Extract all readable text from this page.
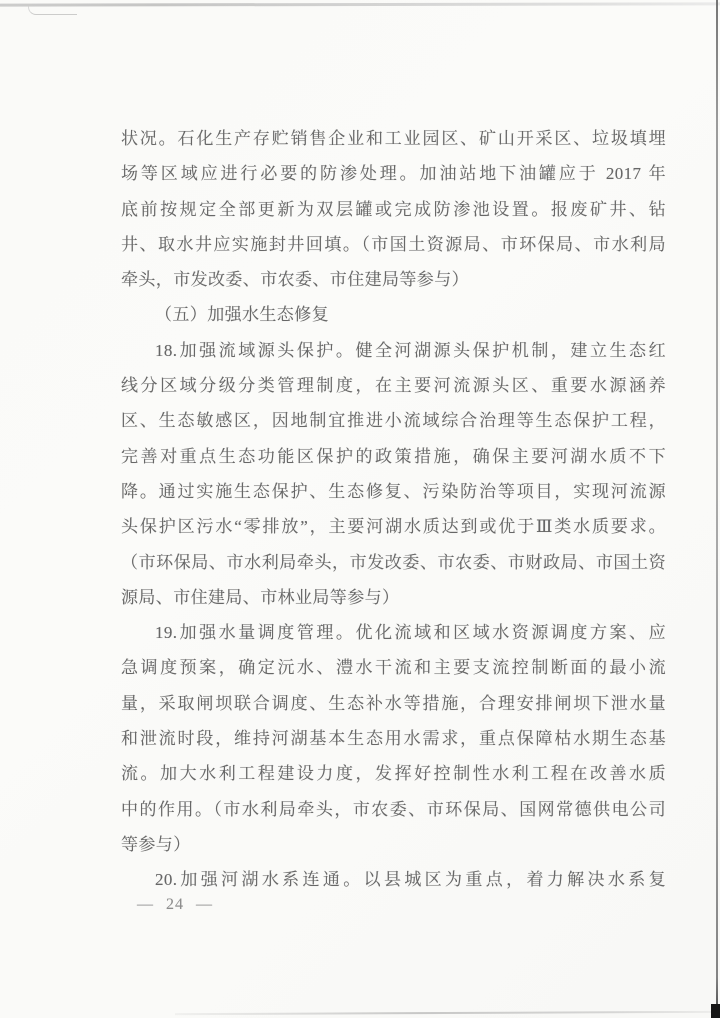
状况。石化生产存贮销售企业和工业园区、矿山开采区、垃圾填埋
场等区域应进行必要的防渗处理。加油站地下油罐应于 2017 年
底前按规定全部更新为双层罐或完成防渗池设置。报废矿井、钻
井、取水井应实施封井回填。（市国土资源局、市环保局、市水利局
牵头，市发改委、市农委、市住建局等参与）
（五）加强水生态修复
18.加强流域源头保护。健全河湖源头保护机制，建立生态红
线分区域分级分类管理制度，在主要河流源头区、重要水源涵养
区、生态敏感区，因地制宜推进小流域综合治理等生态保护工程，
完善对重点生态功能区保护的政策措施，确保主要河湖水质不下
降。通过实施生态保护、生态修复、污染防治等项目，实现河流源
头保护区污水“零排放”，主要河湖水质达到或优于Ⅲ类水质要求。
（市环保局、市水利局牵头，市发改委、市农委、市财政局、市国土资
源局、市住建局、市林业局等参与）
19.加强水量调度管理。优化流域和区域水资源调度方案、应
急调度预案，确定沅水、澧水干流和主要支流控制断面的最小流
量，采取闸坝联合调度、生态补水等措施，合理安排闸坝下泄水量
和泄流时段，维持河湖基本生态用水需求，重点保障枯水期生态基
流。加大水利工程建设力度，发挥好控制性水利工程在改善水质
中的作用。（市水利局牵头，市农委、市环保局、国网常德供电公司
等参与）
20.加强河湖水系连通。以县城区为重点，着力解决水系复
— 24 —
